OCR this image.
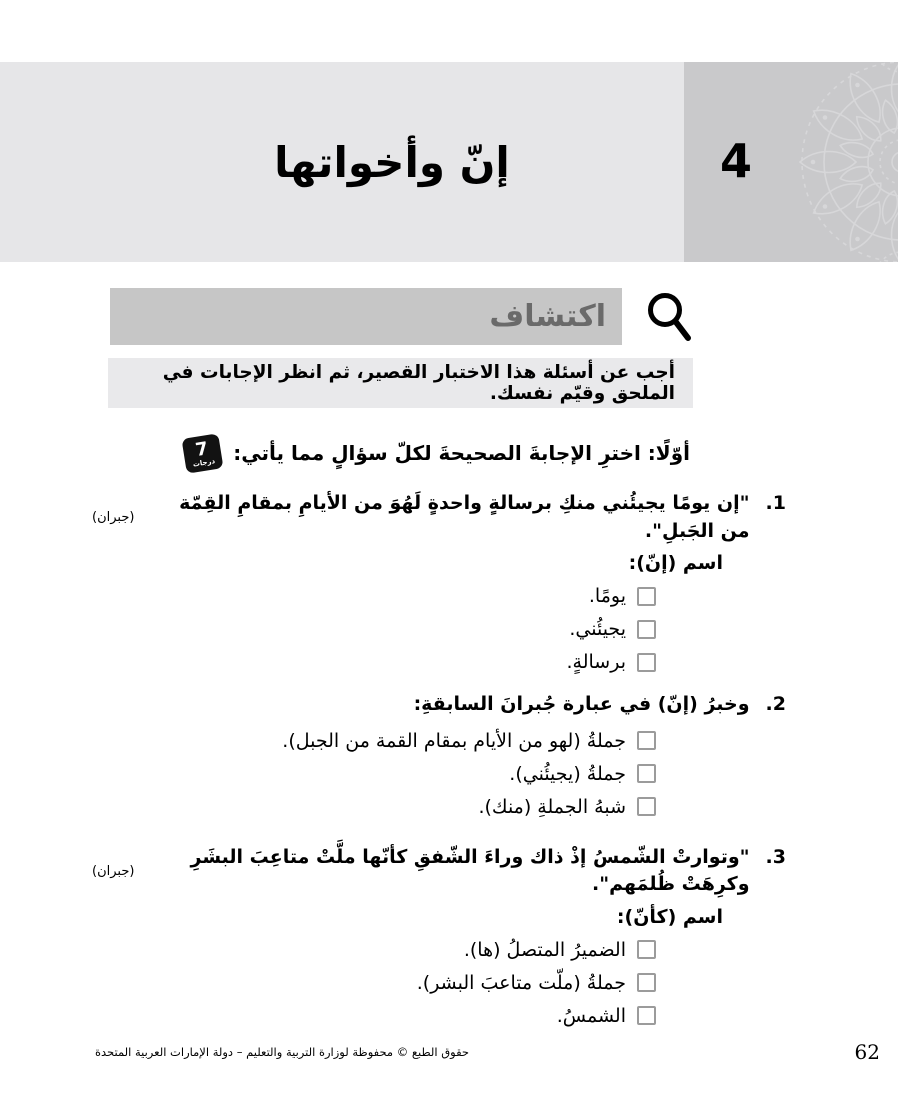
إنّ وأخواتها	4
اكتشاف
أجب عن أسئلة هذا الاختبار القصير، ثم انظر الإجابات في الملحق وقيّم نفسك.
أوّلًا: اخترِ الإجابةَ الصحيحةَ لكلّ سؤالٍ مما يأتي:
7
درجات
1.
"إن يومًا يجيئُني منكِ برسالةٍ واحدةٍ لَهُوَ من الأيامِ بمقامِ القِمّة من الجَبلِ".
(جبران)
اسم (إنّ):
يومًا.
يجيئُني.
برسالةٍ.
2.
وخبرُ (إنّ) في عبارة جُبرانَ السابقةِ:
جملةُ (لهو من الأيام بمقام القمة من الجبل).
جملةُ (يجيئُني).
شبهُ الجملةِ (منك).
3.
"وتوارتْ الشّمسُ إذْ ذاك وراءَ الشّفقِ كأنّها ملَّتْ متاعِبَ البشَرِ وكرِهَتْ ظُلمَهم".
(جبران)
اسم (كأنّ):
الضميرُ المتصلُ (ها).
جملةُ (ملّت متاعبَ البشر).
الشمسُ.
حقوق الطبع © محفوظة لوزارة التربية والتعليم – دولة الإمارات العربية المتحدة	62
